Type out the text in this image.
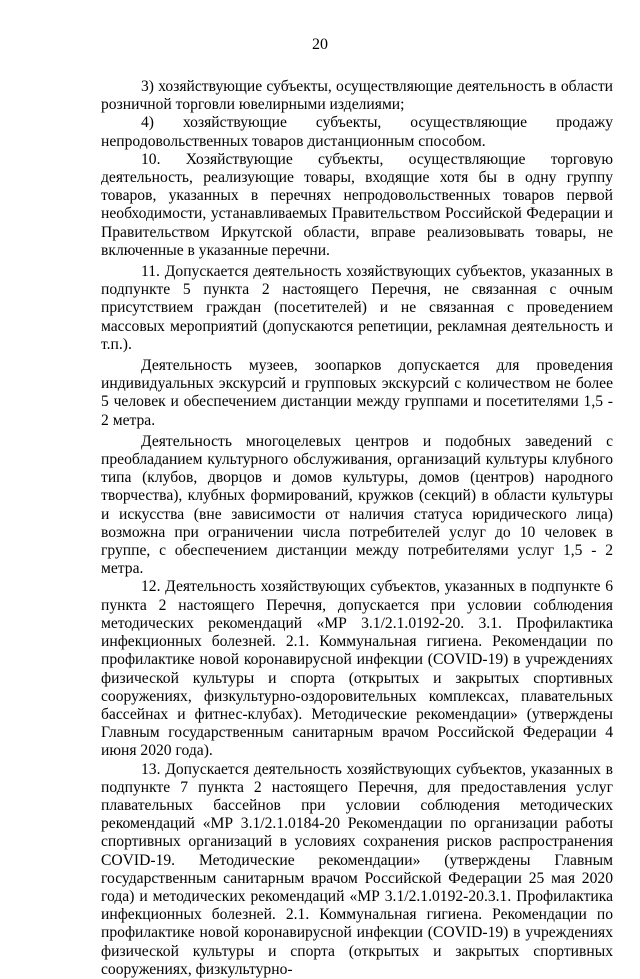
20

3) хозяйствующие субъекты, осуществляющие деятельность в области розничной торговли ювелирными изделиями;

4) хозяйствующие субъекты, осуществляющие продажу непродовольственных товаров дистанционным способом.

10. Хозяйствующие субъекты, осуществляющие торговую деятельность, реализующие товары, входящие хотя бы в одну группу товаров, указанных в перечнях непродовольственных товаров первой необходимости, устанавливаемых Правительством Российской Федерации и Правительством Иркутской области, вправе реализовывать товары, не включенные в указанные перечни.

11. Допускается деятельность хозяйствующих субъектов, указанных в подпункте 5 пункта 2 настоящего Перечня, не связанная с очным присутствием граждан (посетителей) и не связанная с проведением массовых мероприятий (допускаются репетиции, рекламная деятельность и т.п.).

Деятельность музеев, зоопарков допускается для проведения индивидуальных экскурсий и групповых экскурсий с количеством не более 5 человек и обеспечением дистанции между группами и посетителями 1,5 - 2 метра.

Деятельность многоцелевых центров и подобных заведений с преобладанием культурного обслуживания, организаций культуры клубного типа (клубов, дворцов и домов культуры, домов (центров) народного творчества), клубных формирований, кружков (секций) в области культуры и искусства (вне зависимости от наличия статуса юридического лица) возможна при ограничении числа потребителей услуг до 10 человек в группе, с обеспечением дистанции между потребителями услуг 1,5 - 2 метра.

12. Деятельность хозяйствующих субъектов, указанных в подпункте 6 пункта 2 настоящего Перечня, допускается при условии соблюдения методических рекомендаций «МР 3.1/2.1.0192-20. 3.1. Профилактика инфекционных болезней. 2.1. Коммунальная гигиена. Рекомендации по профилактике новой коронавирусной инфекции (COVID-19) в учреждениях физической культуры и спорта (открытых и закрытых спортивных сооружениях, физкультурно-оздоровительных комплексах, плавательных бассейнах и фитнес-клубах). Методические рекомендации» (утверждены Главным государственным санитарным врачом Российской Федерации 4 июня 2020 года).

13. Допускается деятельность хозяйствующих субъектов, указанных в подпункте 7 пункта 2 настоящего Перечня, для предоставления услуг плавательных бассейнов при условии соблюдения методических рекомендаций «МР 3.1/2.1.0184-20 Рекомендации по организации работы спортивных организаций в условиях сохранения рисков распространения COVID-19. Методические рекомендации» (утверждены Главным государственным санитарным врачом Российской Федерации 25 мая 2020 года) и методических рекомендаций «МР 3.1/2.1.0192-20.3.1. Профилактика инфекционных болезней. 2.1. Коммунальная гигиена. Рекомендации по профилактике новой коронавирусной инфекции (COVID-19) в учреждениях физической культуры и спорта (открытых и закрытых спортивных сооружениях, физкультурно-
